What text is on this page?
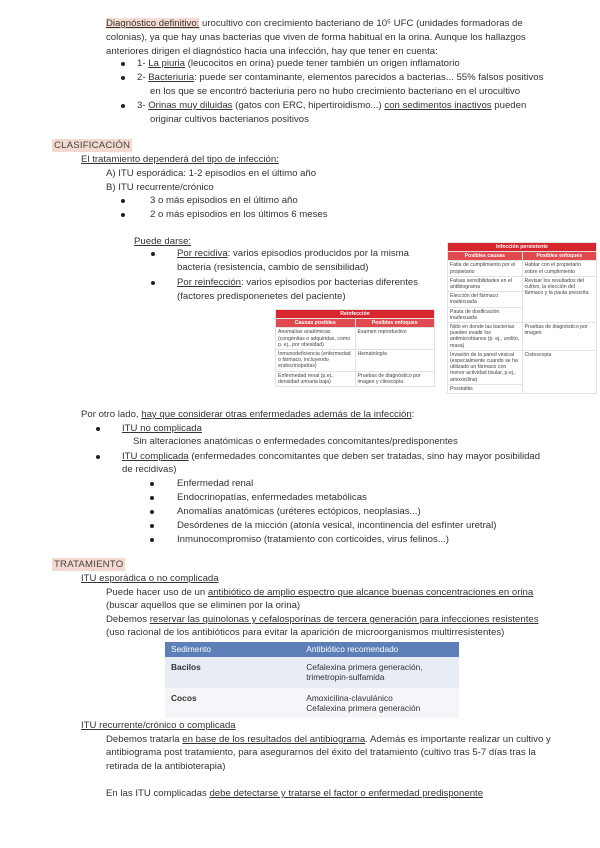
Diagnóstico definitivo: urocultivo con crecimiento bacteriano de 10⁵ UFC (unidades formadoras de
colonias), ya que hay unas bacterias que viven de forma habitual en la orina. Aunque los hallazgos
anteriores dirigen el diagnóstico hacia una infección, hay que tener en cuenta:
1- La piuria (leucocitos en orina) puede tener también un origen inflamatorio
2- Bacteriuria: puede ser contaminante, elementos parecidos a bacterias... 55% falsos positivos
en los que se encontró bacteriuria pero no hubo crecimiento bacteriano en el urocultivo
3- Orinas muy diluidas (gatos con ERC, hipertiroidismo...) con sedimentos inactivos pueden
originar cultivos bacterianos positivos
CLASIFICACIÓN
El tratamiento dependerá del tipo de infección:
A) ITU esporádica: 1-2 episodios en el último año
B) ITU recurrente/crónico
3 o más episodios en el último año
2 o más episodios en los últimos 6 meses
Puede darse:
Por recidiva: varios episodios producidos por la misma
bacteria (resistencia, cambio de sensibilidad)
Por reinfección: varios episodios por bacterias diferentes
(factores predisponenetes del paciente)
Reinfección	
Causas posibles	Posibles enfoques
Anomalías anatómicas (congénitas o adquiridas, como p. ej., por obesidad)	Examen reproductivo
Inmunodeficiencia (enfermedad o fármaco, incluyendo endocrinopatías)	Hematología
Enfermedad renal (p.ej., densidad urinaria baja)	Pruebas de diagnóstico por imagen y citoscopia
Infección persistente	
Posibles causas	Posibles enfoques
Falta de cumplimiento por el propietario	Hablar con el propietario sobre el cumplimiento
Falsas sensibilidades en el antibiograma	Revisar los resultados del cultivo, la elección del fármaco y la pauta prescrita
Elección del fármaco inadecuada	
Pauta de dosificación inadecuada	
Nido en donde las bacterias pueden evadir los antimicrobianos (p. ej., urolito, masa)	Pruebas de diagnóstico por imagen
Invasión de la pared vesical (especialmente cuando se ha utilizado un fármaco con menor actividad tisular, p.ej., amoxicilina)	Cistoscopia
Prostatitis	
Por otro lado, hay que considerar otras enfermedades además de la infección:
ITU no complicada
Sin alteraciones anatómicas o enfermedades concomitantes/predisponentes
ITU complicada (enfermedades concomitantes que deben ser tratadas, sino hay mayor posibilidad
de recidivas)
Enfermedad renal
Endocrinopatías, enfermedades metabólicas
Anomalías anatómicas (uréteres ectópicos, neoplasias...)
Desórdenes de la micción (atonía vesical, incontinencia del esfínter uretral)
Inmunocompromiso (tratamiento con corticoides, virus felinos...)
TRATAMIENTO
ITU esporádica o no complicada
Puede hacer uso de un antibiótico de amplio espectro que alcance buenas concentraciones en orina
(buscar aquellos que se eliminen por la orina)
Debemos reservar las quinolonas y cefalosporinas de tercera generación para infecciones resistentes
(uso racional de los antibióticos para evitar la aparición de microorganismos multirresistentes)
Sedimento	Antibiótico recomendado
Bacilos	Cefalexina primera generación,
trimetropin-sulfamida

Cocos	Amoxicilina-clavulánico
Cefalexina primera generación
ITU recurrente/crónico o complicada
Debemos tratarla en base de los resultados del antibiograma. Además es importante realizar un cultivo y
antibiograma post tratamiento, para asegurarnos del éxito del tratamiento (cultivo tras 5-7 días tras la
retirada de la antibioterapia)
En las ITU complicadas debe detectarse y tratarse el factor o enfermedad predisponente
